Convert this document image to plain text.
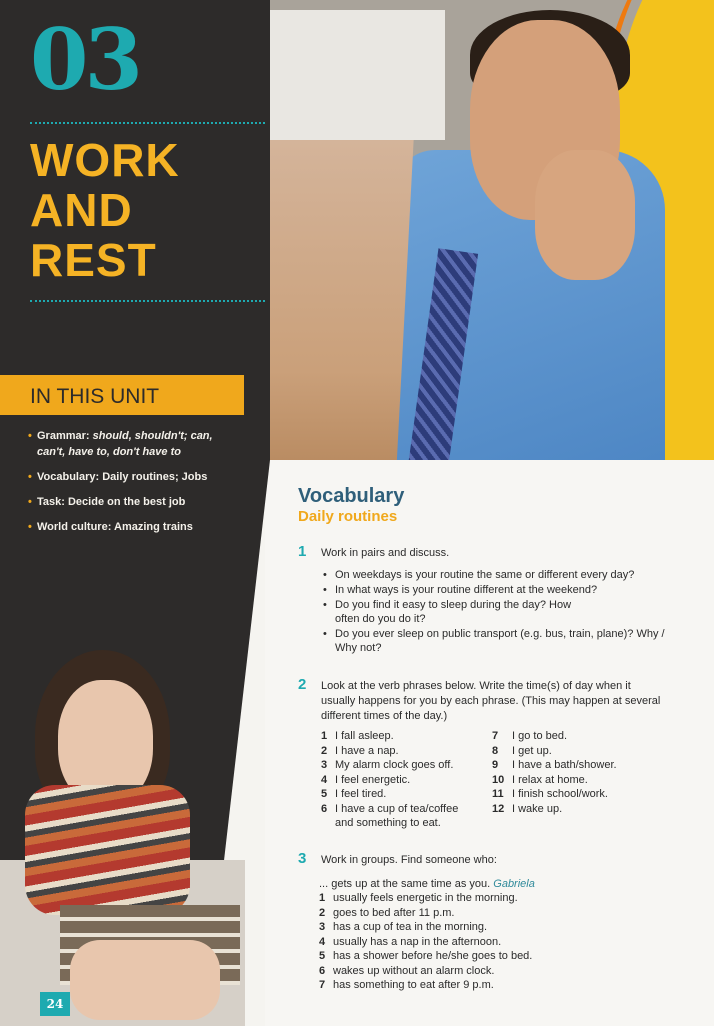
03
WORK
AND
REST
IN THIS UNIT
• Grammar: should, shouldn't; can, can't, have to, don't have to
• Vocabulary: Daily routines; Jobs
• Task: Decide on the best job
• World culture: Amazing trains
24
Vocabulary
Daily routines
1 Work in pairs and discuss.
• On weekdays is your routine the same or different every day?
• In what ways is your routine different at the weekend?
• Do you find it easy to sleep during the day? How often do you do it?
• Do you ever sleep on public transport (e.g. bus, train, plane)? Why / Why not?
2 Look at the verb phrases below. Write the time(s) of day when it usually happens for you by each phrase. (This may happen at several different times of the day.)
1 I fall asleep.
2 I have a nap.
3 My alarm clock goes off.
4 I feel energetic.
5 I feel tired.
6 I have a cup of tea/coffee and something to eat.
7 I go to bed.
8 I get up.
9 I have a bath/shower.
10 I relax at home.
11 I finish school/work.
12 I wake up.
3 Work in groups. Find someone who:
... gets up at the same time as you. Gabriela
1 usually feels energetic in the morning.
2 goes to bed after 11 p.m.
3 has a cup of tea in the morning.
4 usually has a nap in the afternoon.
5 has a shower before he/she goes to bed.
6 wakes up without an alarm clock.
7 has something to eat after 9 p.m.
